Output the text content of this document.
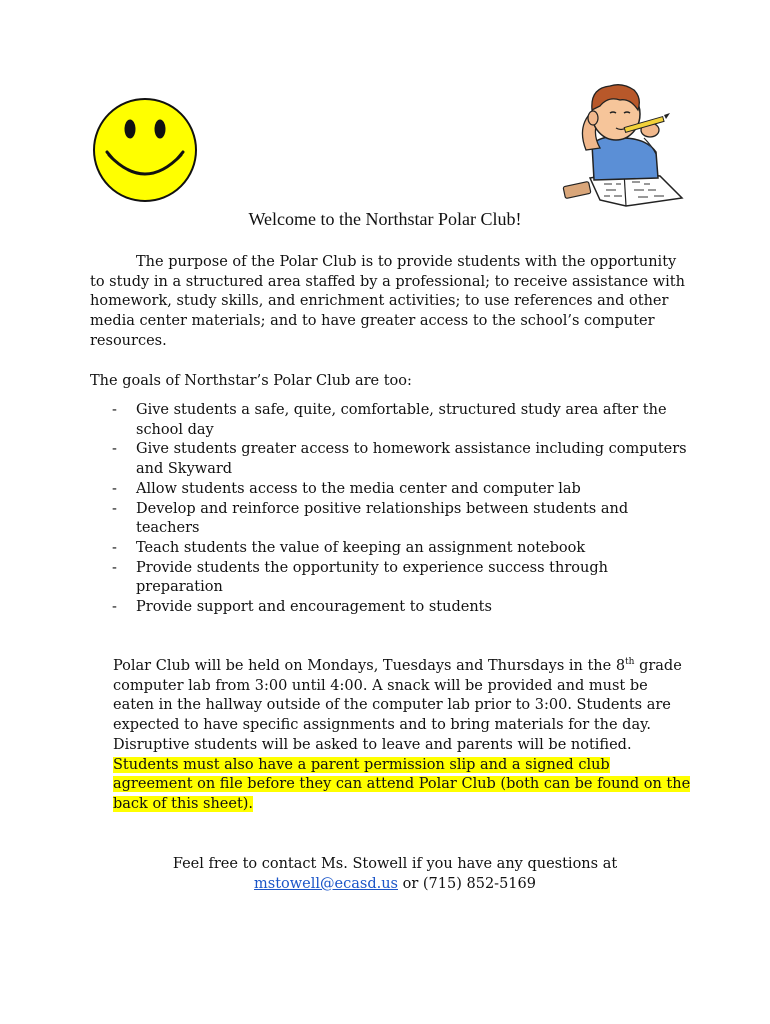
Welcome to the Northstar Polar Club!

The purpose of the Polar Club is to provide students with the opportunity to study in a structured area staffed by a professional; to receive assistance with homework, study skills, and enrichment activities; to use references and other media center materials; and to have greater access to the school’s computer resources.

The goals of Northstar’s Polar Club are too:

- Give students a safe, quite, comfortable, structured study area after the school day
- Give students greater access to homework assistance including computers and Skyward
- Allow students access to the media center and computer lab
- Develop and reinforce positive relationships between students and teachers
- Teach students the value of keeping an assignment notebook
- Provide students the opportunity to experience success through preparation
- Provide support and encouragement to students

Polar Club will be held on Mondays, Tuesdays and Thursdays in the 8th grade computer lab from 3:00 until 4:00. A snack will be provided and must be eaten in the hallway outside of the computer lab prior to 3:00. Students are expected to have specific assignments and to bring materials for the day. Disruptive students will be asked to leave and parents will be notified. Students must also have a parent permission slip and a signed club agreement on file before they can attend Polar Club (both can be found on the back of this sheet).

Feel free to contact Ms. Stowell if you have any questions at
mstowell@ecasd.us or (715) 852-5169
